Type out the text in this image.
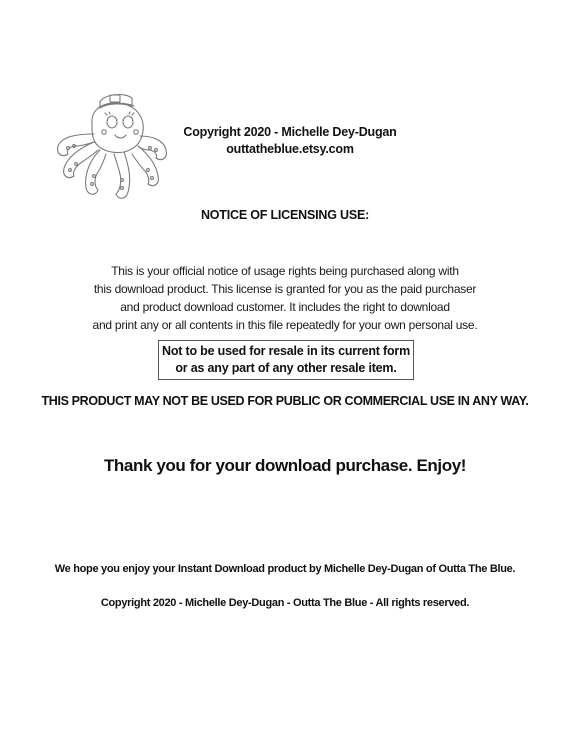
Copyright 2020 - Michelle Dey-Dugan
outtatheblue.etsy.com
NOTICE OF LICENSING USE:
This is your official notice of usage rights being purchased along with
this download product. This license is granted for you as the paid purchaser
and product download customer. It includes the right to download
and print any or all contents in this file repeatedly for your own personal use.
Not to be used for resale in its current form
or as any part of any other resale item.
THIS PRODUCT MAY NOT BE USED FOR PUBLIC OR COMMERCIAL USE IN ANY WAY.
Thank you for your download purchase. Enjoy!
We hope you enjoy your Instant Download product by Michelle Dey-Dugan of Outta The Blue.
Copyright 2020 - Michelle Dey-Dugan - Outta The Blue - All rights reserved.
